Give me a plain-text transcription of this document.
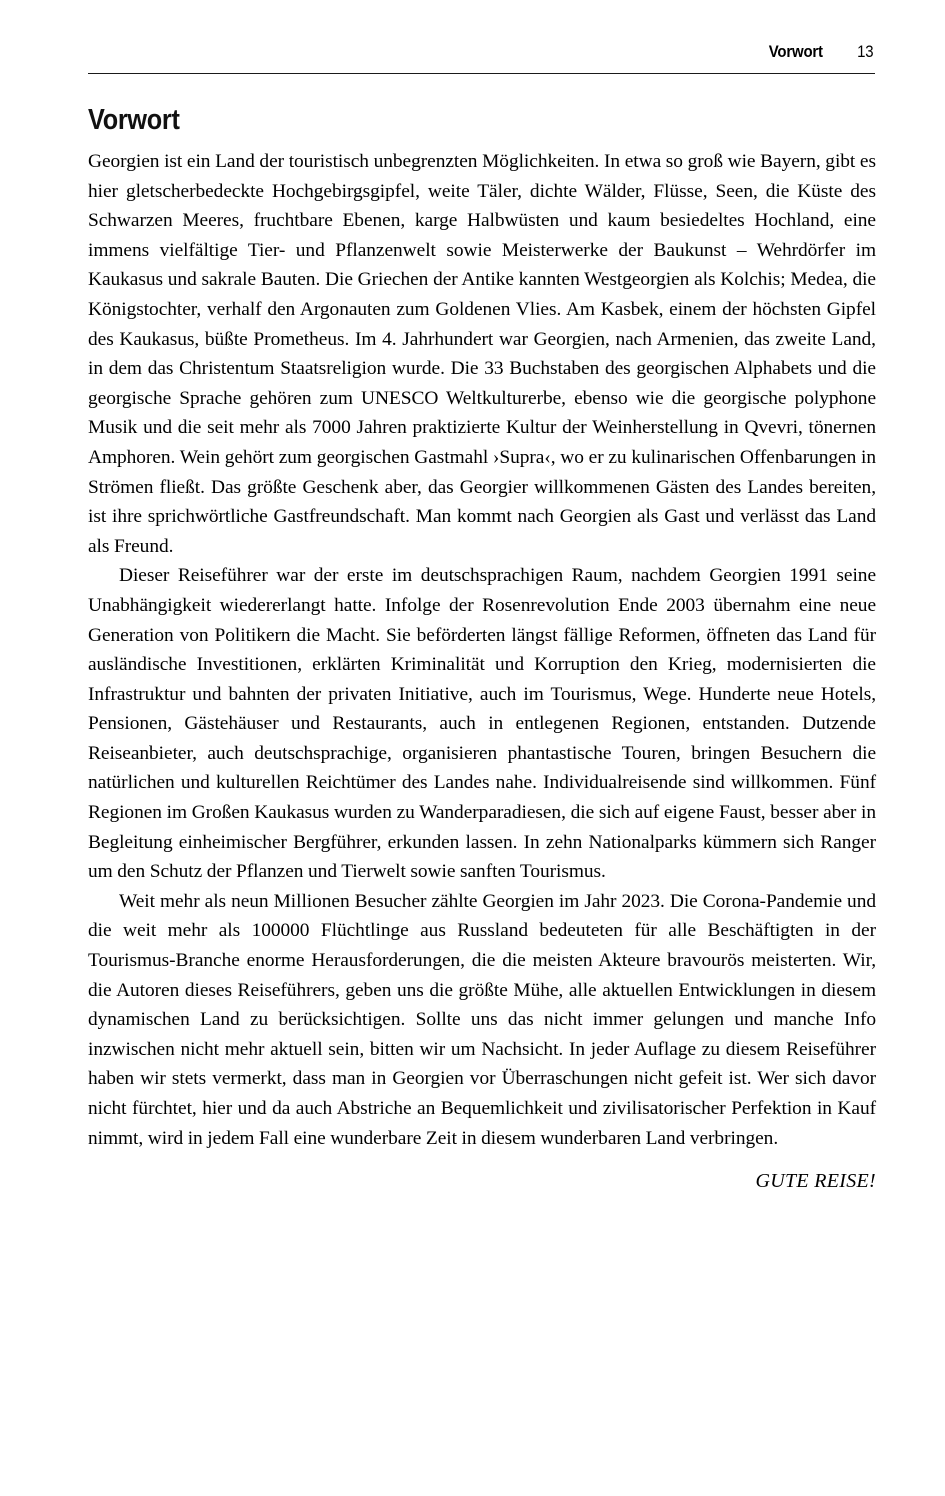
Vorwort 13
Vorwort

Georgien ist ein Land der touristisch unbegrenzten Möglichkeiten. In etwa so groß wie Bayern, gibt es hier gletscherbedeckte Hochgebirgsgipfel, weite Täler, dichte Wälder, Flüsse, Seen, die Küste des Schwarzen Meeres, fruchtbare Ebenen, karge Halbwüsten und kaum besiedeltes Hochland, eine immens vielfältige Tier- und Pflanzenwelt sowie Meisterwerke der Baukunst – Wehrdörfer im Kaukasus und sakrale Bauten. Die Griechen der Antike kannten Westgeorgien als Kolchis; Medea, die Königstochter, verhalf den Argonauten zum Goldenen Vlies. Am Kasbek, einem der höchsten Gipfel des Kaukasus, büßte Prometheus. Im 4. Jahrhundert war Georgien, nach Armenien, das zweite Land, in dem das Christentum Staatsreligion wurde. Die 33 Buchstaben des georgischen Alphabets und die georgische Sprache gehören zum UNESCO Weltkulturerbe, ebenso wie die georgische polyphone Musik und die seit mehr als 7000 Jahren praktizierte Kultur der Weinherstellung in Qvevri, tönernen Amphoren. Wein gehört zum georgischen Gastmahl ›Supra‹, wo er zu kulinarischen Offenbarungen in Strömen fließt. Das größte Geschenk aber, das Georgier willkommenen Gästen des Landes bereiten, ist ihre sprichwörtliche Gastfreundschaft. Man kommt nach Georgien als Gast und verlässt das Land als Freund.

Dieser Reiseführer war der erste im deutschsprachigen Raum, nachdem Georgien 1991 seine Unabhängigkeit wiedererlangt hatte. Infolge der Rosenrevolution Ende 2003 übernahm eine neue Generation von Politikern die Macht. Sie beförderten längst fällige Reformen, öffneten das Land für ausländische Investitionen, erklärten Kriminalität und Korruption den Krieg, modernisierten die Infrastruktur und bahnten der privaten Initiative, auch im Tourismus, Wege. Hunderte neue Hotels, Pensionen, Gästehäuser und Restaurants, auch in entlegenen Regionen, entstanden. Dutzende Reiseanbieter, auch deutschsprachige, organisieren phantastische Touren, bringen Besuchern die natürlichen und kulturellen Reichtümer des Landes nahe. Individualreisende sind willkommen. Fünf Regionen im Großen Kaukasus wurden zu Wanderparadiesen, die sich auf eigene Faust, besser aber in Begleitung einheimischer Bergführer, erkunden lassen. In zehn Nationalparks kümmern sich Ranger um den Schutz der Pflanzen und Tierwelt sowie sanften Tourismus.

Weit mehr als neun Millionen Besucher zählte Georgien im Jahr 2023. Die Corona-Pandemie und die weit mehr als 100000 Flüchtlinge aus Russland bedeuteten für alle Beschäftigten in der Tourismus-Branche enorme Herausforderungen, die die meisten Akteure bravourös meisterten. Wir, die Autoren dieses Reiseführers, geben uns die größte Mühe, alle aktuellen Entwicklungen in diesem dynamischen Land zu berücksichtigen. Sollte uns das nicht immer gelungen und manche Info inzwischen nicht mehr aktuell sein, bitten wir um Nachsicht. In jeder Auflage zu diesem Reiseführer haben wir stets vermerkt, dass man in Georgien vor Überraschungen nicht gefeit ist. Wer sich davor nicht fürchtet, hier und da auch Abstriche an Bequemlichkeit und zivilisatorischer Perfektion in Kauf nimmt, wird in jedem Fall eine wunderbare Zeit in diesem wunderbaren Land verbringen.

GUTE REISE!
